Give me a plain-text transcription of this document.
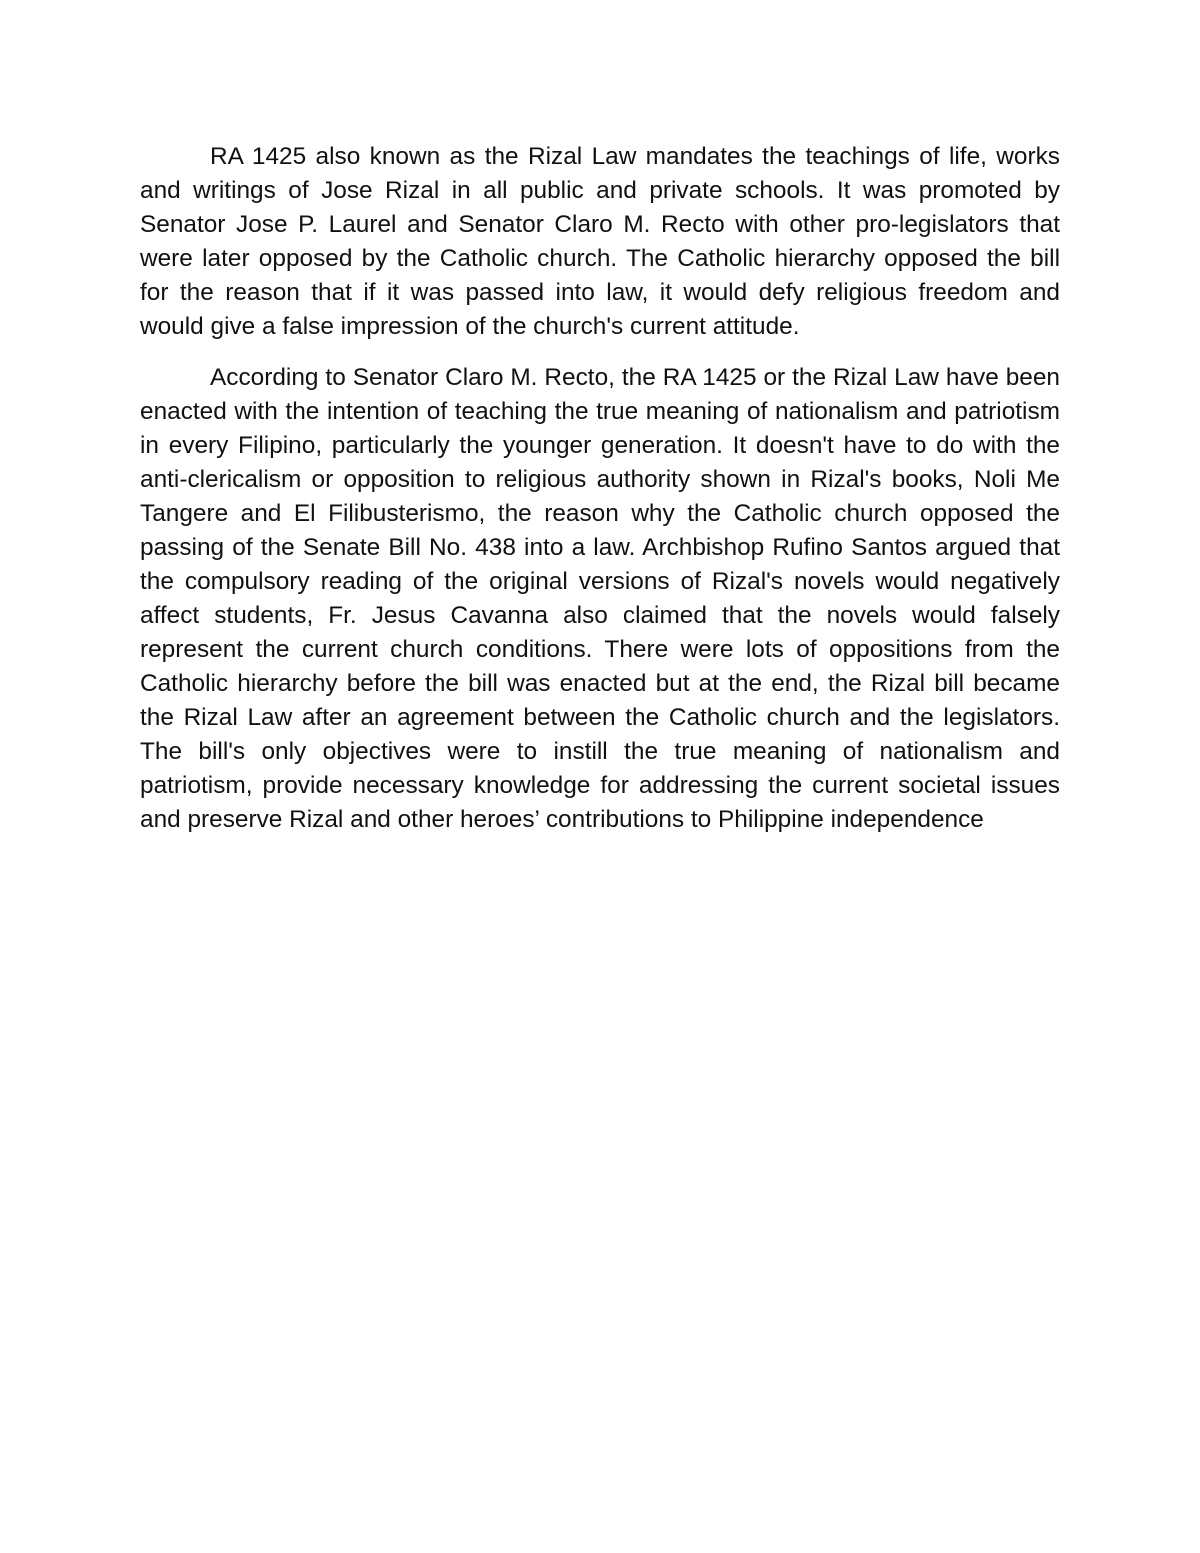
RA 1425 also known as the Rizal Law mandates the teachings of life, works and writings of Jose Rizal in all public and private schools. It was promoted by Senator Jose P. Laurel and Senator Claro M. Recto with other pro-legislators that were later opposed by the Catholic church. The Catholic hierarchy opposed the bill for the reason that if it was passed into law, it would defy religious freedom and would give a false impression of the church's current attitude.

According to Senator Claro M. Recto, the RA 1425 or the Rizal Law have been enacted with the intention of teaching the true meaning of nationalism and patriotism in every Filipino, particularly the younger generation. It doesn't have to do with the anti-clericalism or opposition to religious authority shown in Rizal's books, Noli Me Tangere and El Filibusterismo, the reason why the Catholic church opposed the passing of the Senate Bill No. 438 into a law. Archbishop Rufino Santos argued that the compulsory reading of the original versions of Rizal's novels would negatively affect students, Fr. Jesus Cavanna also claimed that the novels would falsely represent the current church conditions. There were lots of oppositions from the Catholic hierarchy before the bill was enacted but at the end, the Rizal bill became the Rizal Law after an agreement between the Catholic church and the legislators. The bill's only objectives were to instill the true meaning of nationalism and patriotism, provide necessary knowledge for addressing the current societal issues and preserve Rizal and other heroes’ contributions to Philippine independence
